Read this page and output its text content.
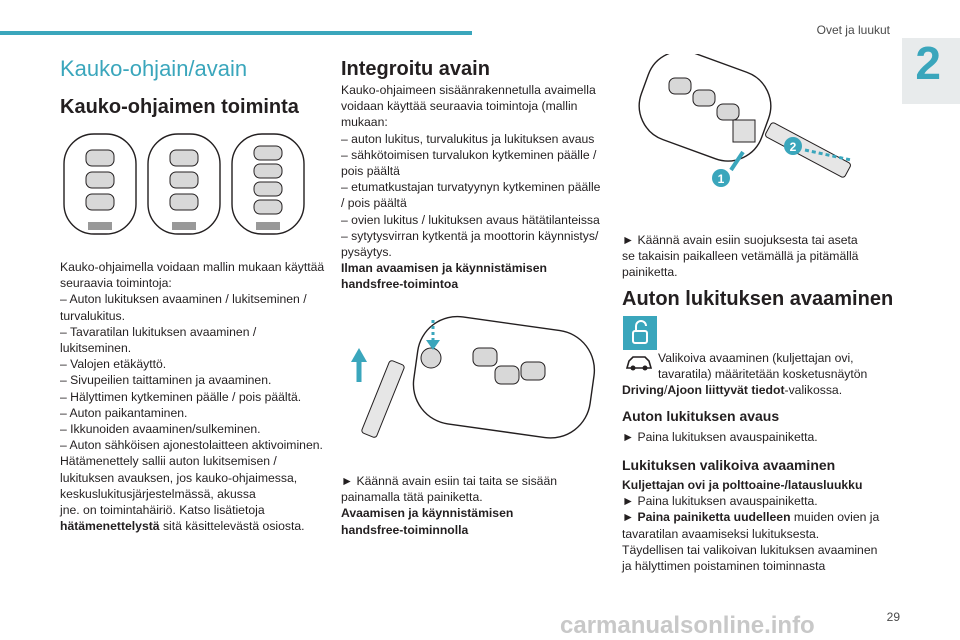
Ovet ja luukut
2
Kauko-ohjain/avain
Kauko-ohjaimen toiminta

Kauko-ohjaimella voidaan mallin mukaan käyttää

seuraavia toimintoja:

– Auton lukituksen avaaminen / lukitseminen /

turvalukitus.

– Tavaratilan lukituksen avaaminen /

lukitseminen.

– Valojen etäkäyttö.

– Sivupeilien taittaminen ja avaaminen.

– Hälyttimen kytkeminen päälle / pois päältä.

– Auton paikantaminen.

– Ikkunoiden avaaminen/sulkeminen.

– Auton sähköisen ajonestolaitteen aktivoiminen.

Hätämenettely sallii auton lukitsemisen /

lukituksen avauksen, jos kauko-ohjaimessa,

keskuslukitusjärjestelmässä, akussa

jne. on toimintahäiriö. Katso lisätietoja

hätämenettelystä sitä käsittelevästä osiosta.

Integroitu avain

Kauko-ohjaimeen sisäänrakennetulla avaimella

voidaan käyttää seuraavia toimintoja (mallin

mukaan:

– auton lukitus, turvalukitus ja lukituksen avaus

– sähkötoimisen turvalukon kytkeminen päälle /

pois päältä

– etumatkustajan turvatyynyn kytkeminen päälle

/ pois päältä

– ovien lukitus / lukituksen avaus hätätilanteissa

– sytytysvirran kytkentä ja moottorin käynnistys/

pysäytys.

Ilman avaamisen ja käynnistämisen

handsfree-toimintoa

► Käännä avain esiin tai taita se sisään

painamalla tätä painiketta.

Avaamisen ja käynnistämisen

handsfree-toiminnolla

1
2

► Käännä avain esiin suojuksesta tai aseta

se takaisin paikalleen vetämällä ja pitämällä

painiketta.

Auton lukituksen avaaminen

Valikoiva avaaminen (kuljettajan ovi,

tavaratila) määritetään kosketusnäytön

Driving/Ajoon liittyvät tiedot-valikossa.

Auton lukituksen avaus

► Paina lukituksen avauspainiketta.

Lukituksen valikoiva avaaminen

Kuljettajan ovi ja polttoaine-/latausluukku

► Paina lukituksen avauspainiketta.

► Paina painiketta uudelleen muiden ovien ja

tavaratilan avaamiseksi lukituksesta.

Täydellisen tai valikoivan lukituksen avaaminen

ja hälyttimen poistaminen toiminnasta

carmanualsonline.info	29
